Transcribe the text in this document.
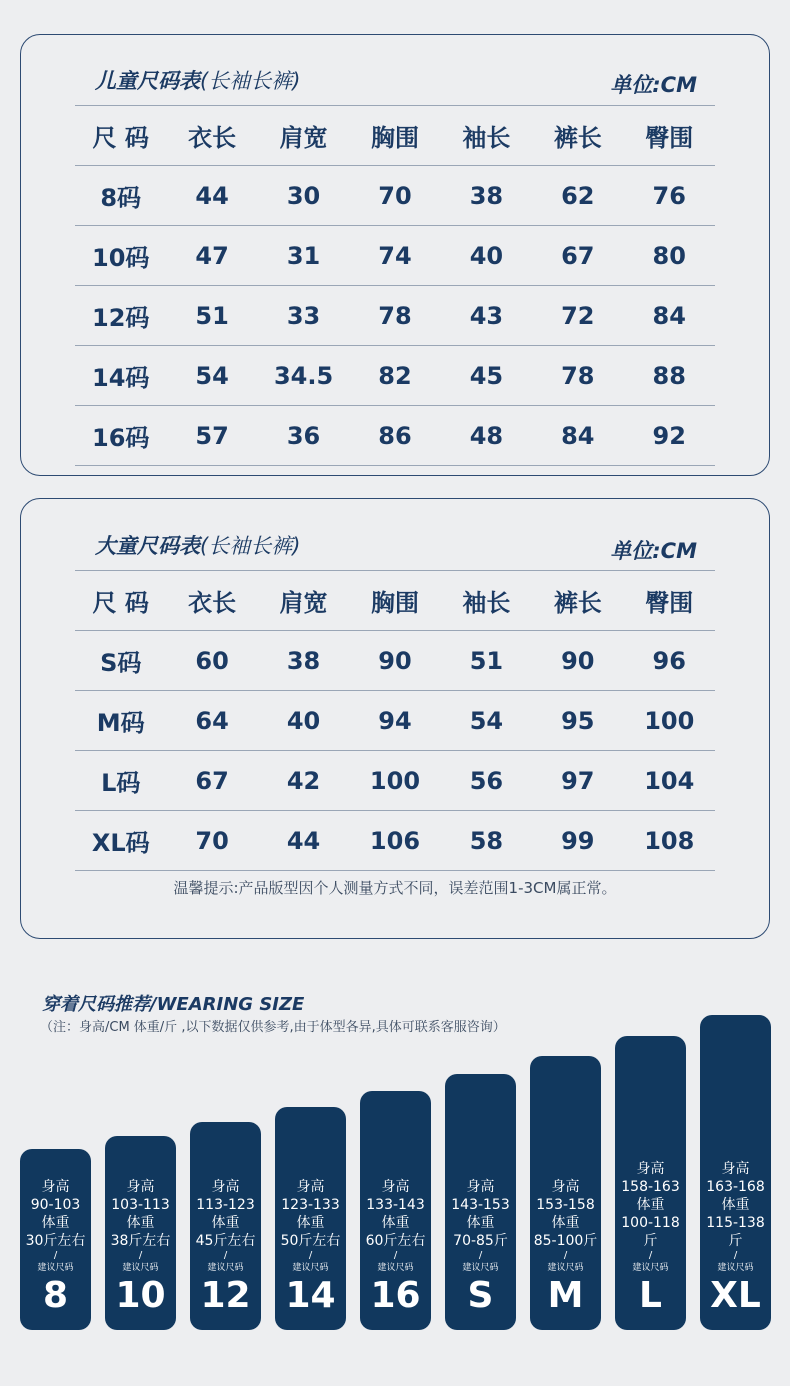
儿童尺码表(长袖长裤)	单位:CM
尺 码	衣长	肩宽	胸围	袖长	裤长	臀围
8码	44	30	70	38	62	76
10码	47	31	74	40	67	80
12码	51	33	78	43	72	84
14码	54	34.5	82	45	78	88
16码	57	36	86	48	84	92
大童尺码表(长袖长裤)	单位:CM
尺 码	衣长	肩宽	胸围	袖长	裤长	臀围
S码	60	38	90	51	90	96
M码	64	40	94	54	95	100
L码	67	42	100	56	97	104
XL码	70	44	106	58	99	108
温馨提示:产品版型因个人测量方式不同，误差范围1-3CM属正常。
穿着尺码推荐/WEARING SIZE
（注：身高/CM 体重/斤 ,以下数据仅供参考,由于体型各异,具体可联系客服咨询）
身高
90-103
体重
30斤左右
/
建议尺码
8
身高
103-113
体重
38斤左右
/
建议尺码
10
身高
113-123
体重
45斤左右
/
建议尺码
12
身高
123-133
体重
50斤左右
/
建议尺码
14
身高
133-143
体重
60斤左右
/
建议尺码
16
身高
143-153
体重
70-85斤
/
建议尺码
S
身高
153-158
体重
85-100斤
/
建议尺码
M
身高
158-163
体重
100-118斤
/
建议尺码
L
身高
163-168
体重
115-138斤
/
建议尺码
XL
